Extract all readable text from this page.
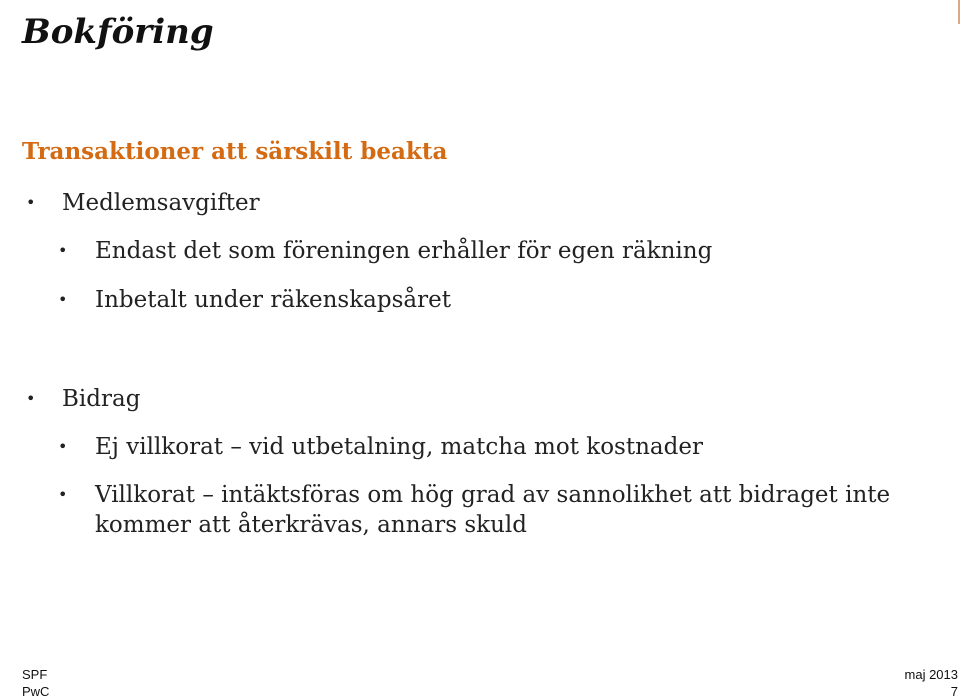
Bokföring
Transaktioner att särskilt beakta
• Medlemsavgifter
• Endast det som föreningen erhåller för egen räkning
• Inbetalt under räkenskapsåret
• Bidrag
• Ej villkorat – vid utbetalning, matcha mot kostnader
• Villkorat – intäktsföras om hög grad av sannolikhet att bidraget inte kommer att återkrävas, annars skuld
SPF
PwC
maj 2013
7
